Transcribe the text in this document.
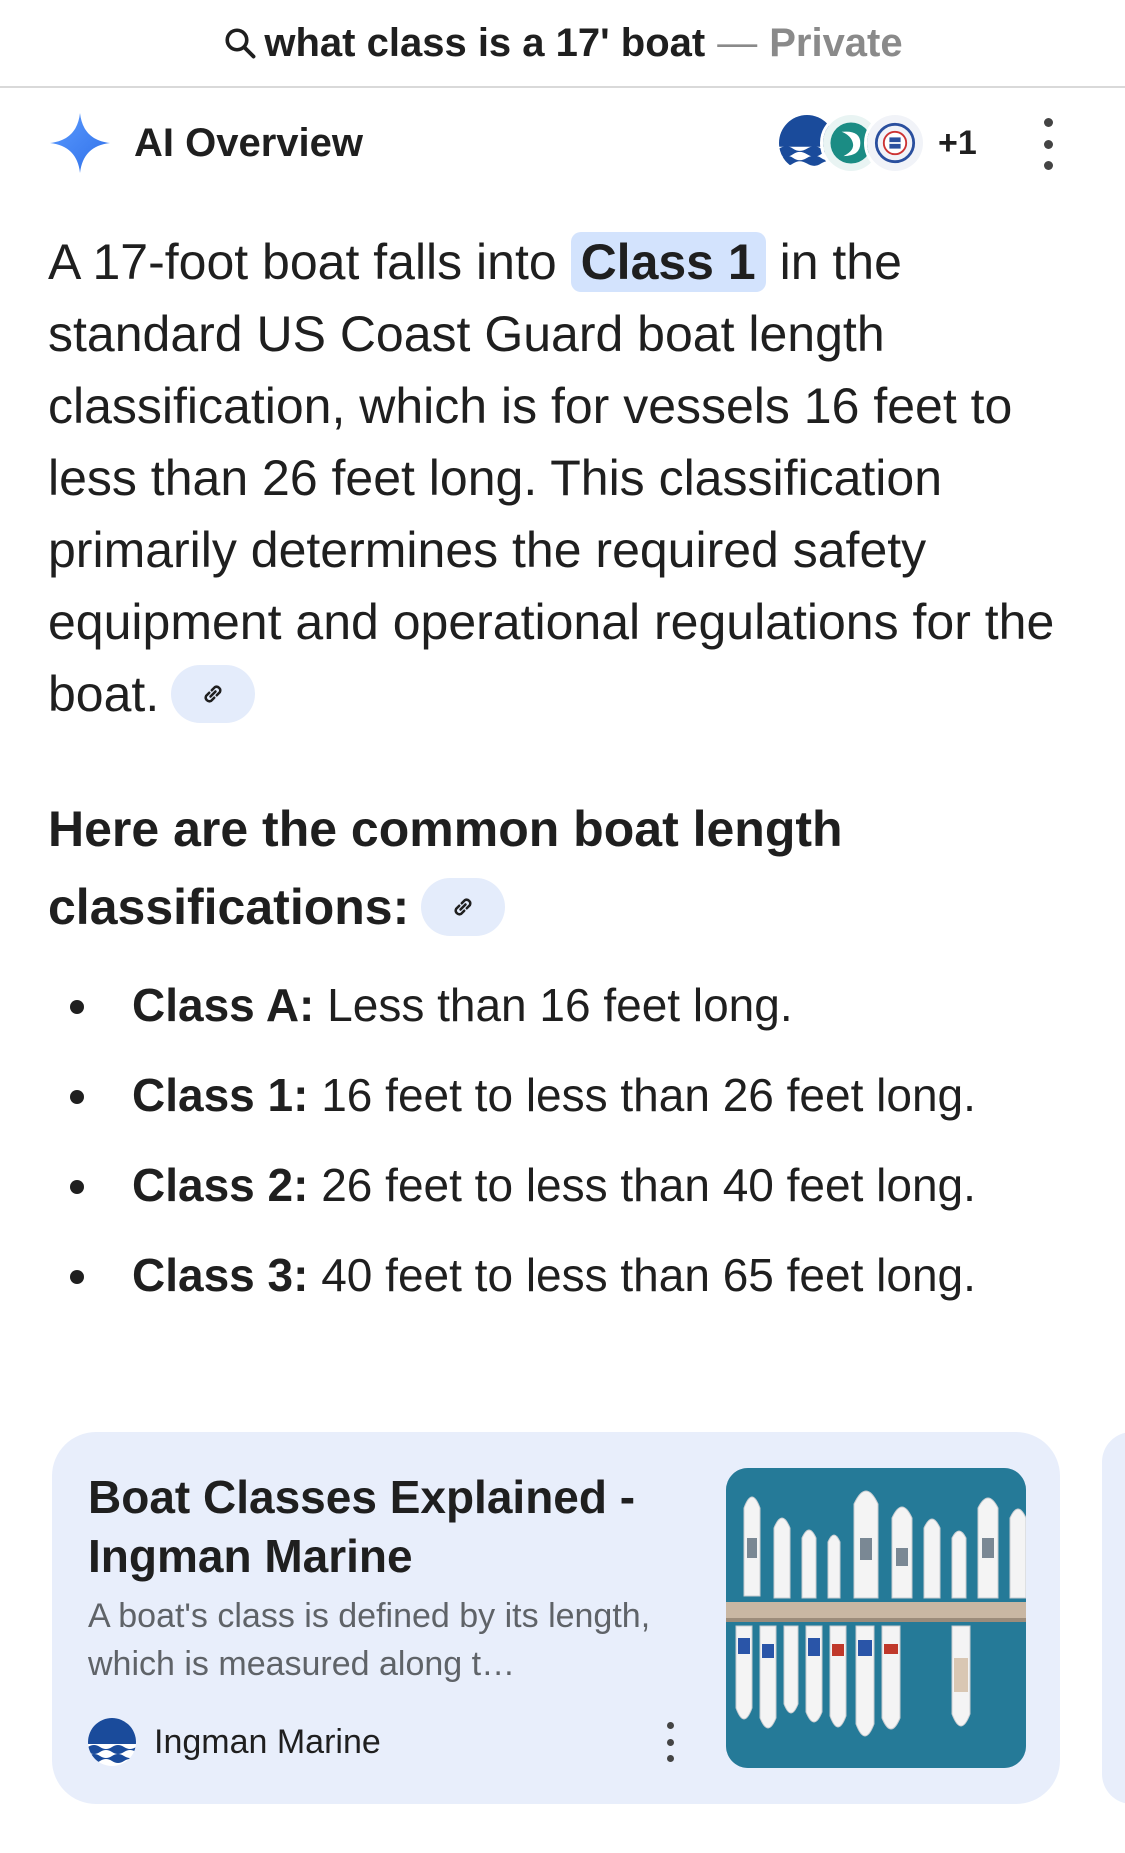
what class is a 17' boat — Private
AI Overview	+1

A 17-foot boat falls into Class 1 in the standard US Coast Guard boat length classification, which is for vessels 16 feet to less than 26 feet long. This classification primarily determines the required safety equipment and operational regulations for the boat.

Here are the common boat length classifications:

Class A: Less than 16 feet long.
Class 1: 16 feet to less than 26 feet long.
Class 2: 26 feet to less than 40 feet long.
Class 3: 40 feet to less than 65 feet long.
Boat Classes Explained - Ingman Marine
A boat's class is defined by its length, which is measured along t…
Ingman Marine
